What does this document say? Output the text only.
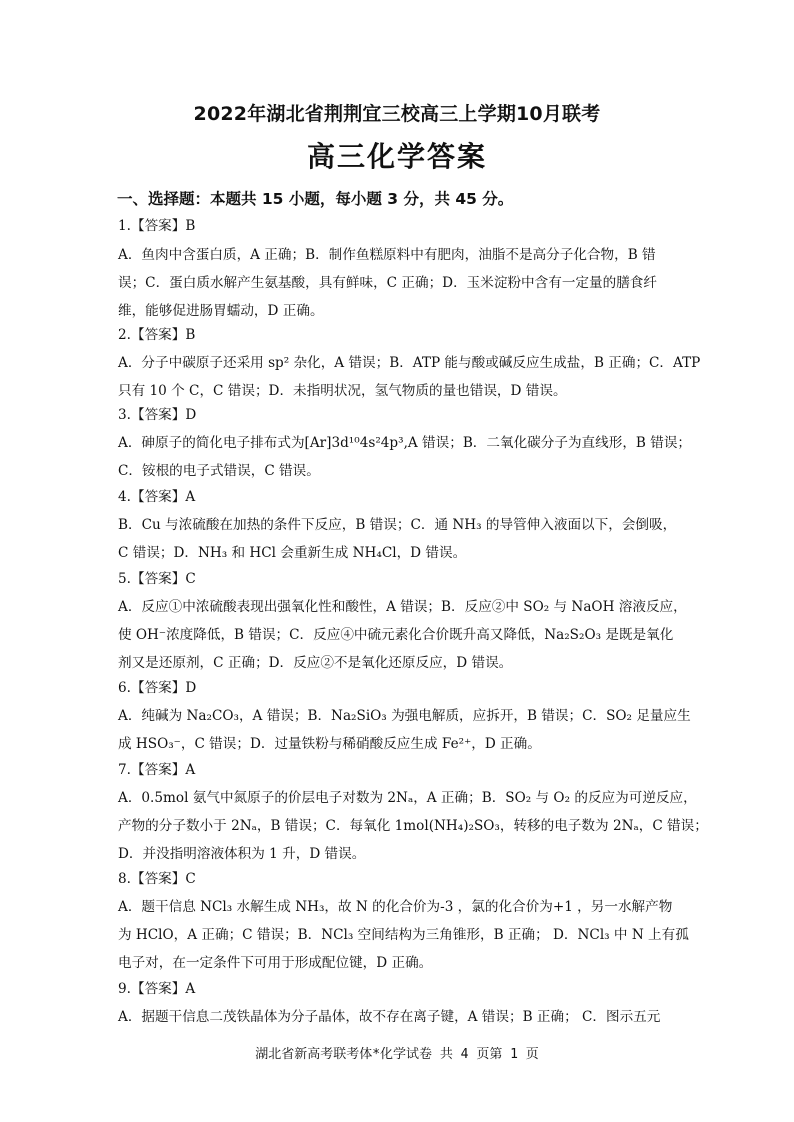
2022年湖北省荆荆宜三校高三上学期10月联考
高三化学答案
一、选择题：本题共 15 小题，每小题 3 分，共 45 分。
1.【答案】B
A．鱼肉中含蛋白质，A 正确；B．制作鱼糕原料中有肥肉，油脂不是高分子化合物，B 错
误；C．蛋白质水解产生氨基酸，具有鲜味，C 正确；D．玉米淀粉中含有一定量的膳食纤
维，能够促进肠胃蠕动，D 正确。
2.【答案】B
A．分子中碳原子还采用 sp² 杂化，A 错误；B．ATP 能与酸或碱反应生成盐，B 正确；C．ATP
只有 10 个 C，C 错误；D．未指明状况，氢气物质的量也错误，D 错误。
3.【答案】D
A．砷原子的简化电子排布式为[Ar]3d¹⁰4s²4p³,A 错误；B．二氧化碳分子为直线形，B 错误；
C．铵根的电子式错误，C 错误。
4.【答案】A
B．Cu 与浓硫酸在加热的条件下反应，B 错误；C．通 NH₃ 的导管伸入液面以下，会倒吸，
C 错误；D．NH₃ 和 HCl 会重新生成 NH₄Cl，D 错误。
5.【答案】C
A．反应①中浓硫酸表现出强氧化性和酸性，A 错误；B．反应②中 SO₂ 与 NaOH 溶液反应，
使 OH⁻浓度降低，B 错误；C．反应④中硫元素化合价既升高又降低，Na₂S₂O₃ 是既是氧化
剂又是还原剂，C 正确；D．反应②不是氧化还原反应，D 错误。
6.【答案】D
A．纯碱为 Na₂CO₃，A 错误；B．Na₂SiO₃ 为强电解质，应拆开，B 错误；C．SO₂ 足量应生
成 HSO₃⁻，C 错误；D．过量铁粉与稀硝酸反应生成 Fe²⁺，D 正确。
7.【答案】A
A．0.5mol 氨气中氮原子的价层电子对数为 2Nₐ，A 正确；B．SO₂ 与 O₂ 的反应为可逆反应，
产物的分子数小于 2Nₐ，B 错误；C．每氧化 1mol(NH₄)₂SO₃，转移的电子数为 2Nₐ，C 错误；
D．并没指明溶液体积为 1 升，D 错误。
8.【答案】C
A．题干信息 NCl₃ 水解生成 NH₃，故 N 的化合价为-3 ，氯的化合价为+1 ，另一水解产物
为 HClO，A 正确；C 错误；B．NCl₃ 空间结构为三角锥形，B 正确； D．NCl₃ 中 N 上有孤
电子对，在一定条件下可用于形成配位键，D 正确。
9.【答案】A
A．据题干信息二茂铁晶体为分子晶体，故不存在离子键，A 错误；B 正确； C．图示五元
湖北省新高考联考体*化学试卷 共 4 页第 1 页
